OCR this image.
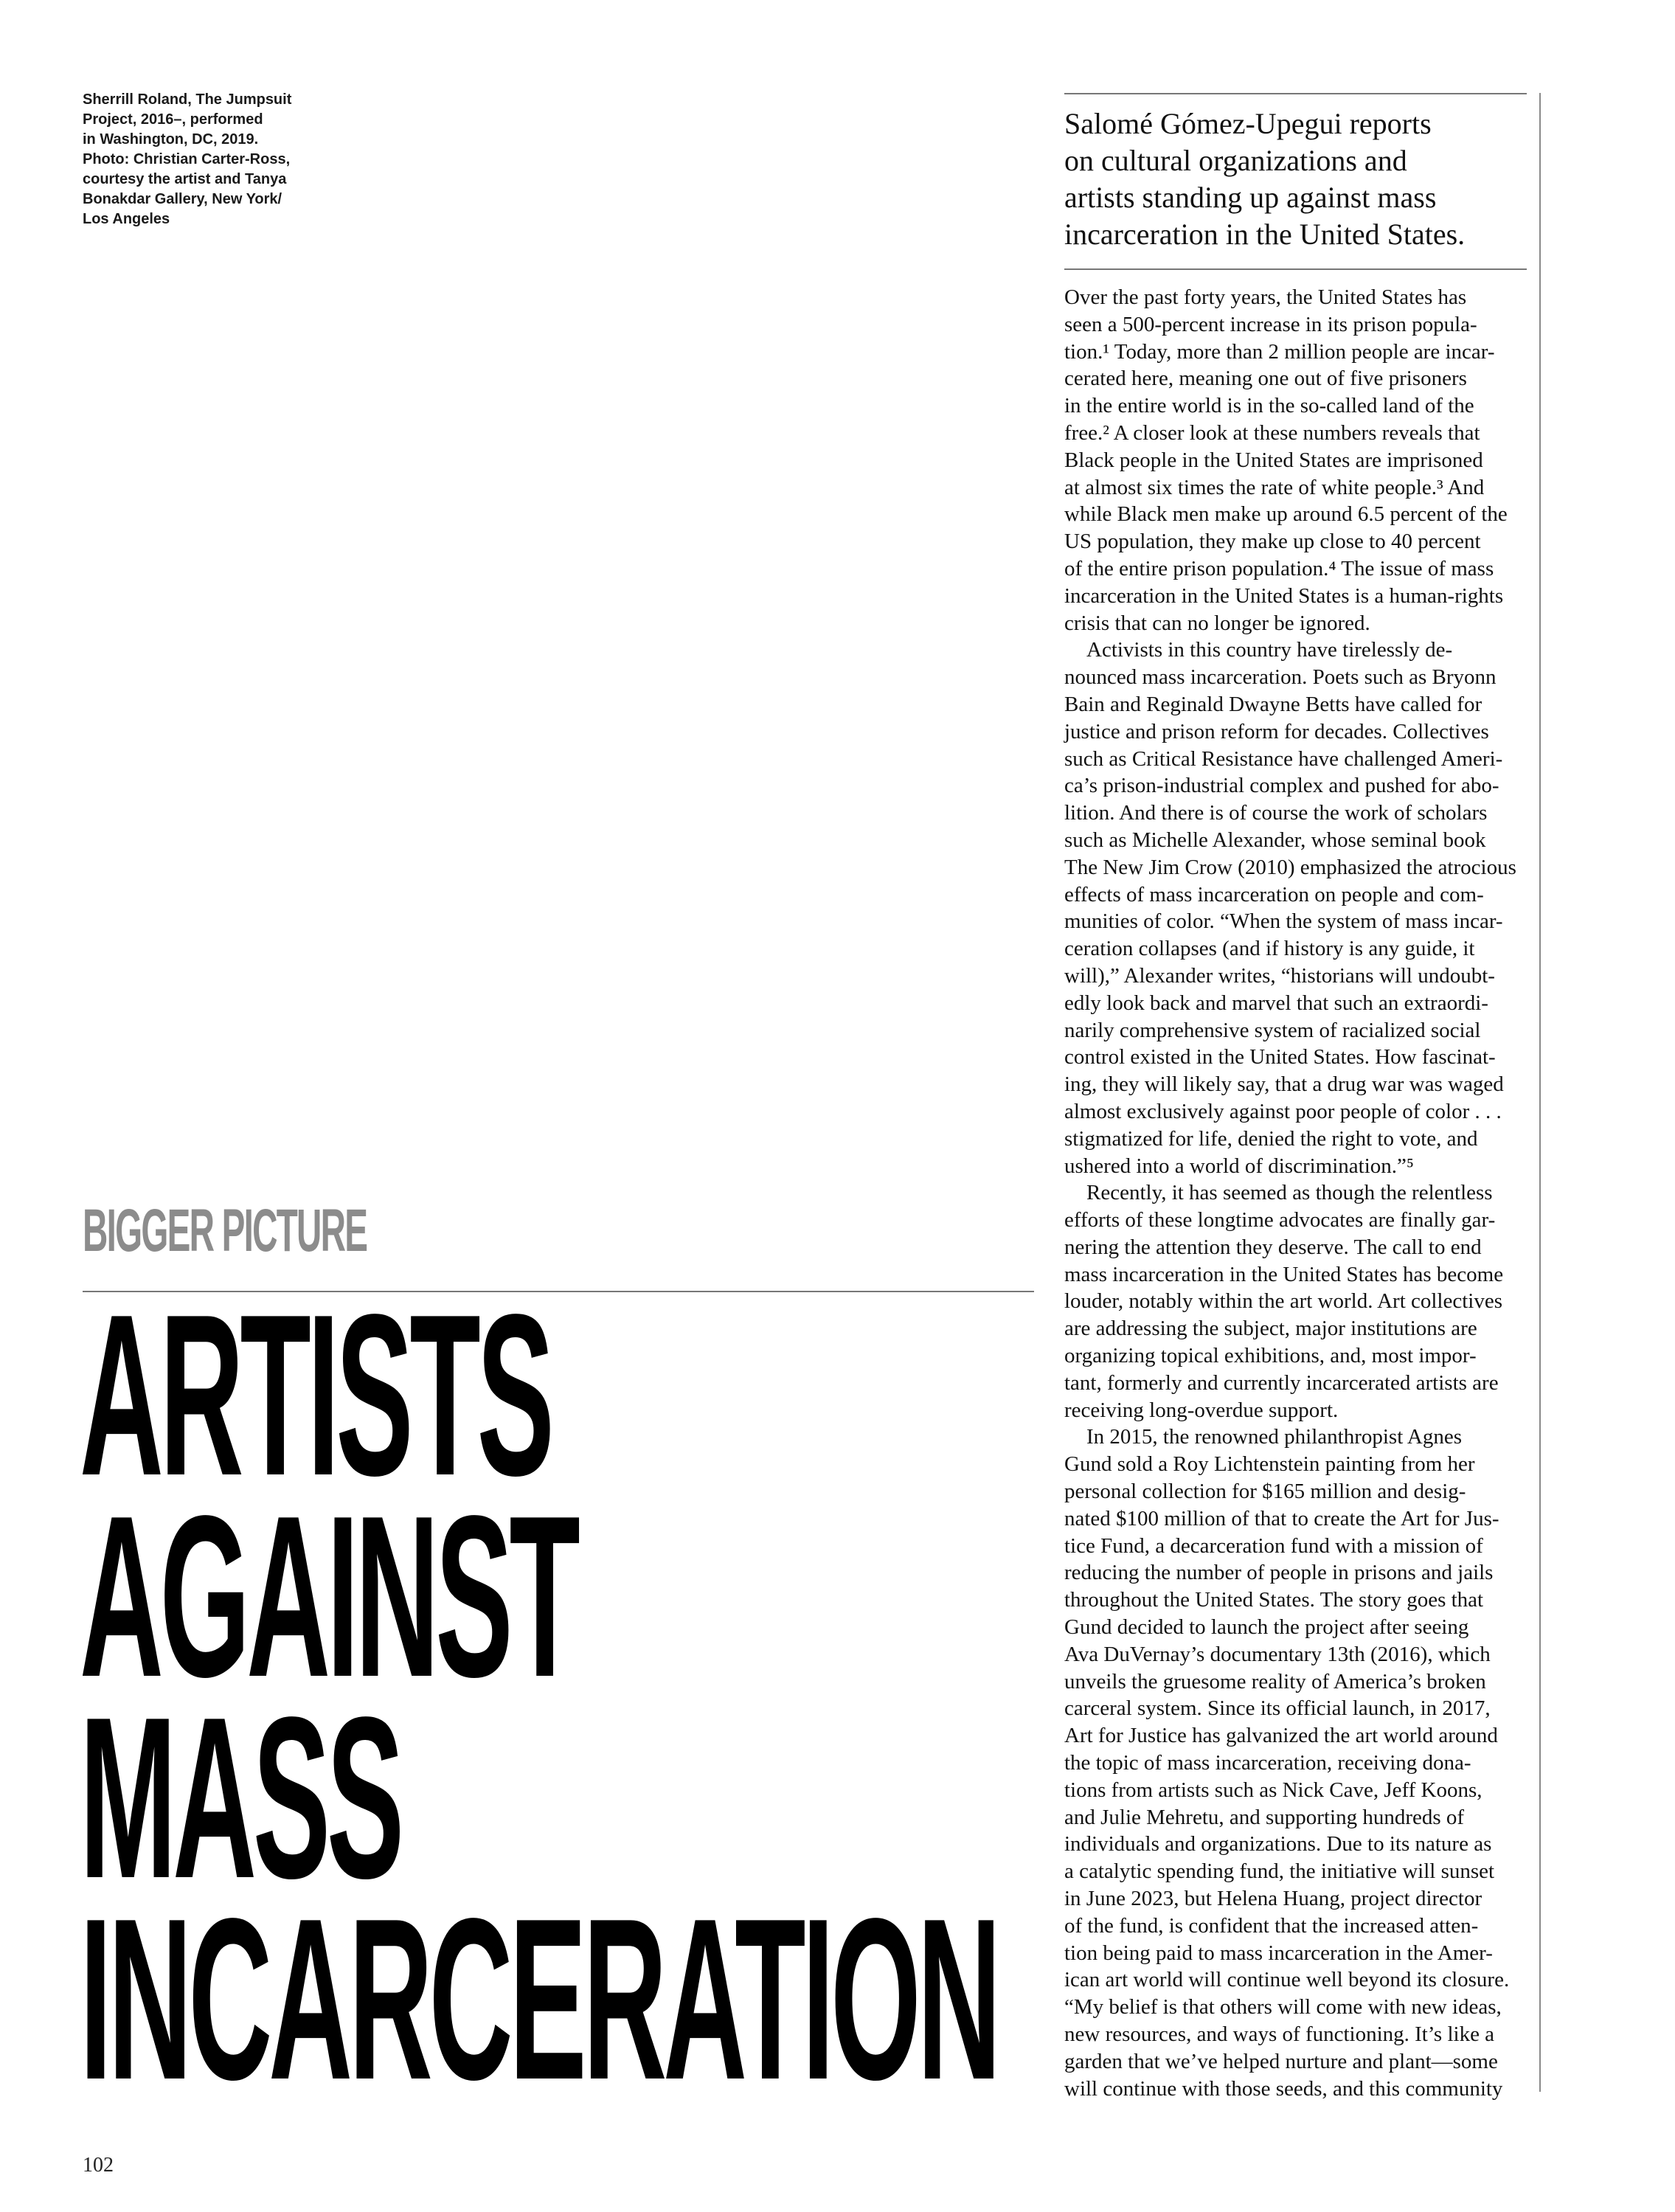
Sherrill Roland, The Jumpsuit
Project, 2016–, performed
in Washington, DC, 2019.
Photo: Christian Carter-Ross,
courtesy the artist and Tanya
Bonakdar Gallery, New York/
Los Angeles
BIGGER PICTURE
ARTISTS
AGAINST
MASS
INCARCERATION
102
Salomé Gómez-Upegui reports
on cultural organizations and
artists standing up against mass
incarceration in the United States.
Over the past forty years, the United States has
seen a 500-percent increase in its prison popula-
tion.¹ Today, more than 2 million people are incar-
cerated here, meaning one out of five prisoners
in the entire world is in the so-called land of the
free.² A closer look at these numbers reveals that
Black people in the United States are imprisoned
at almost six times the rate of white people.³ And
while Black men make up around 6.5 percent of the
US population, they make up close to 40 percent
of the entire prison population.⁴ The issue of mass
incarceration in the United States is a human-rights
crisis that can no longer be ignored.
Activists in this country have tirelessly de-
nounced mass incarceration. Poets such as Bryonn
Bain and Reginald Dwayne Betts have called for
justice and prison reform for decades. Collectives
such as Critical Resistance have challenged Ameri-
ca’s prison-industrial complex and pushed for abo-
lition. And there is of course the work of scholars
such as Michelle Alexander, whose seminal book
The New Jim Crow (2010) emphasized the atrocious
effects of mass incarceration on people and com-
munities of color. “When the system of mass incar-
ceration collapses (and if history is any guide, it
will),” Alexander writes, “historians will undoubt-
edly look back and marvel that such an extraordi-
narily comprehensive system of racialized social
control existed in the United States. How fascinat-
ing, they will likely say, that a drug war was waged
almost exclusively against poor people of color . . .
stigmatized for life, denied the right to vote, and
ushered into a world of discrimination.”⁵
Recently, it has seemed as though the relentless
efforts of these longtime advocates are finally gar-
nering the attention they deserve. The call to end
mass incarceration in the United States has become
louder, notably within the art world. Art collectives
are addressing the subject, major institutions are
organizing topical exhibitions, and, most impor-
tant, formerly and currently incarcerated artists are
receiving long-overdue support.
In 2015, the renowned philanthropist Agnes
Gund sold a Roy Lichtenstein painting from her
personal collection for $165 million and desig-
nated $100 million of that to create the Art for Jus-
tice Fund, a decarceration fund with a mission of
reducing the number of people in prisons and jails
throughout the United States. The story goes that
Gund decided to launch the project after seeing
Ava DuVernay’s documentary 13th (2016), which
unveils the gruesome reality of America’s broken
carceral system. Since its official launch, in 2017,
Art for Justice has galvanized the art world around
the topic of mass incarceration, receiving dona-
tions from artists such as Nick Cave, Jeff Koons,
and Julie Mehretu, and supporting hundreds of
individuals and organizations. Due to its nature as
a catalytic spending fund, the initiative will sunset
in June 2023, but Helena Huang, project director
of the fund, is confident that the increased atten-
tion being paid to mass incarceration in the Amer-
ican art world will continue well beyond its closure.
“My belief is that others will come with new ideas,
new resources, and ways of functioning. It’s like a
garden that we’ve helped nurture and plant—some
will continue with those seeds, and this community
